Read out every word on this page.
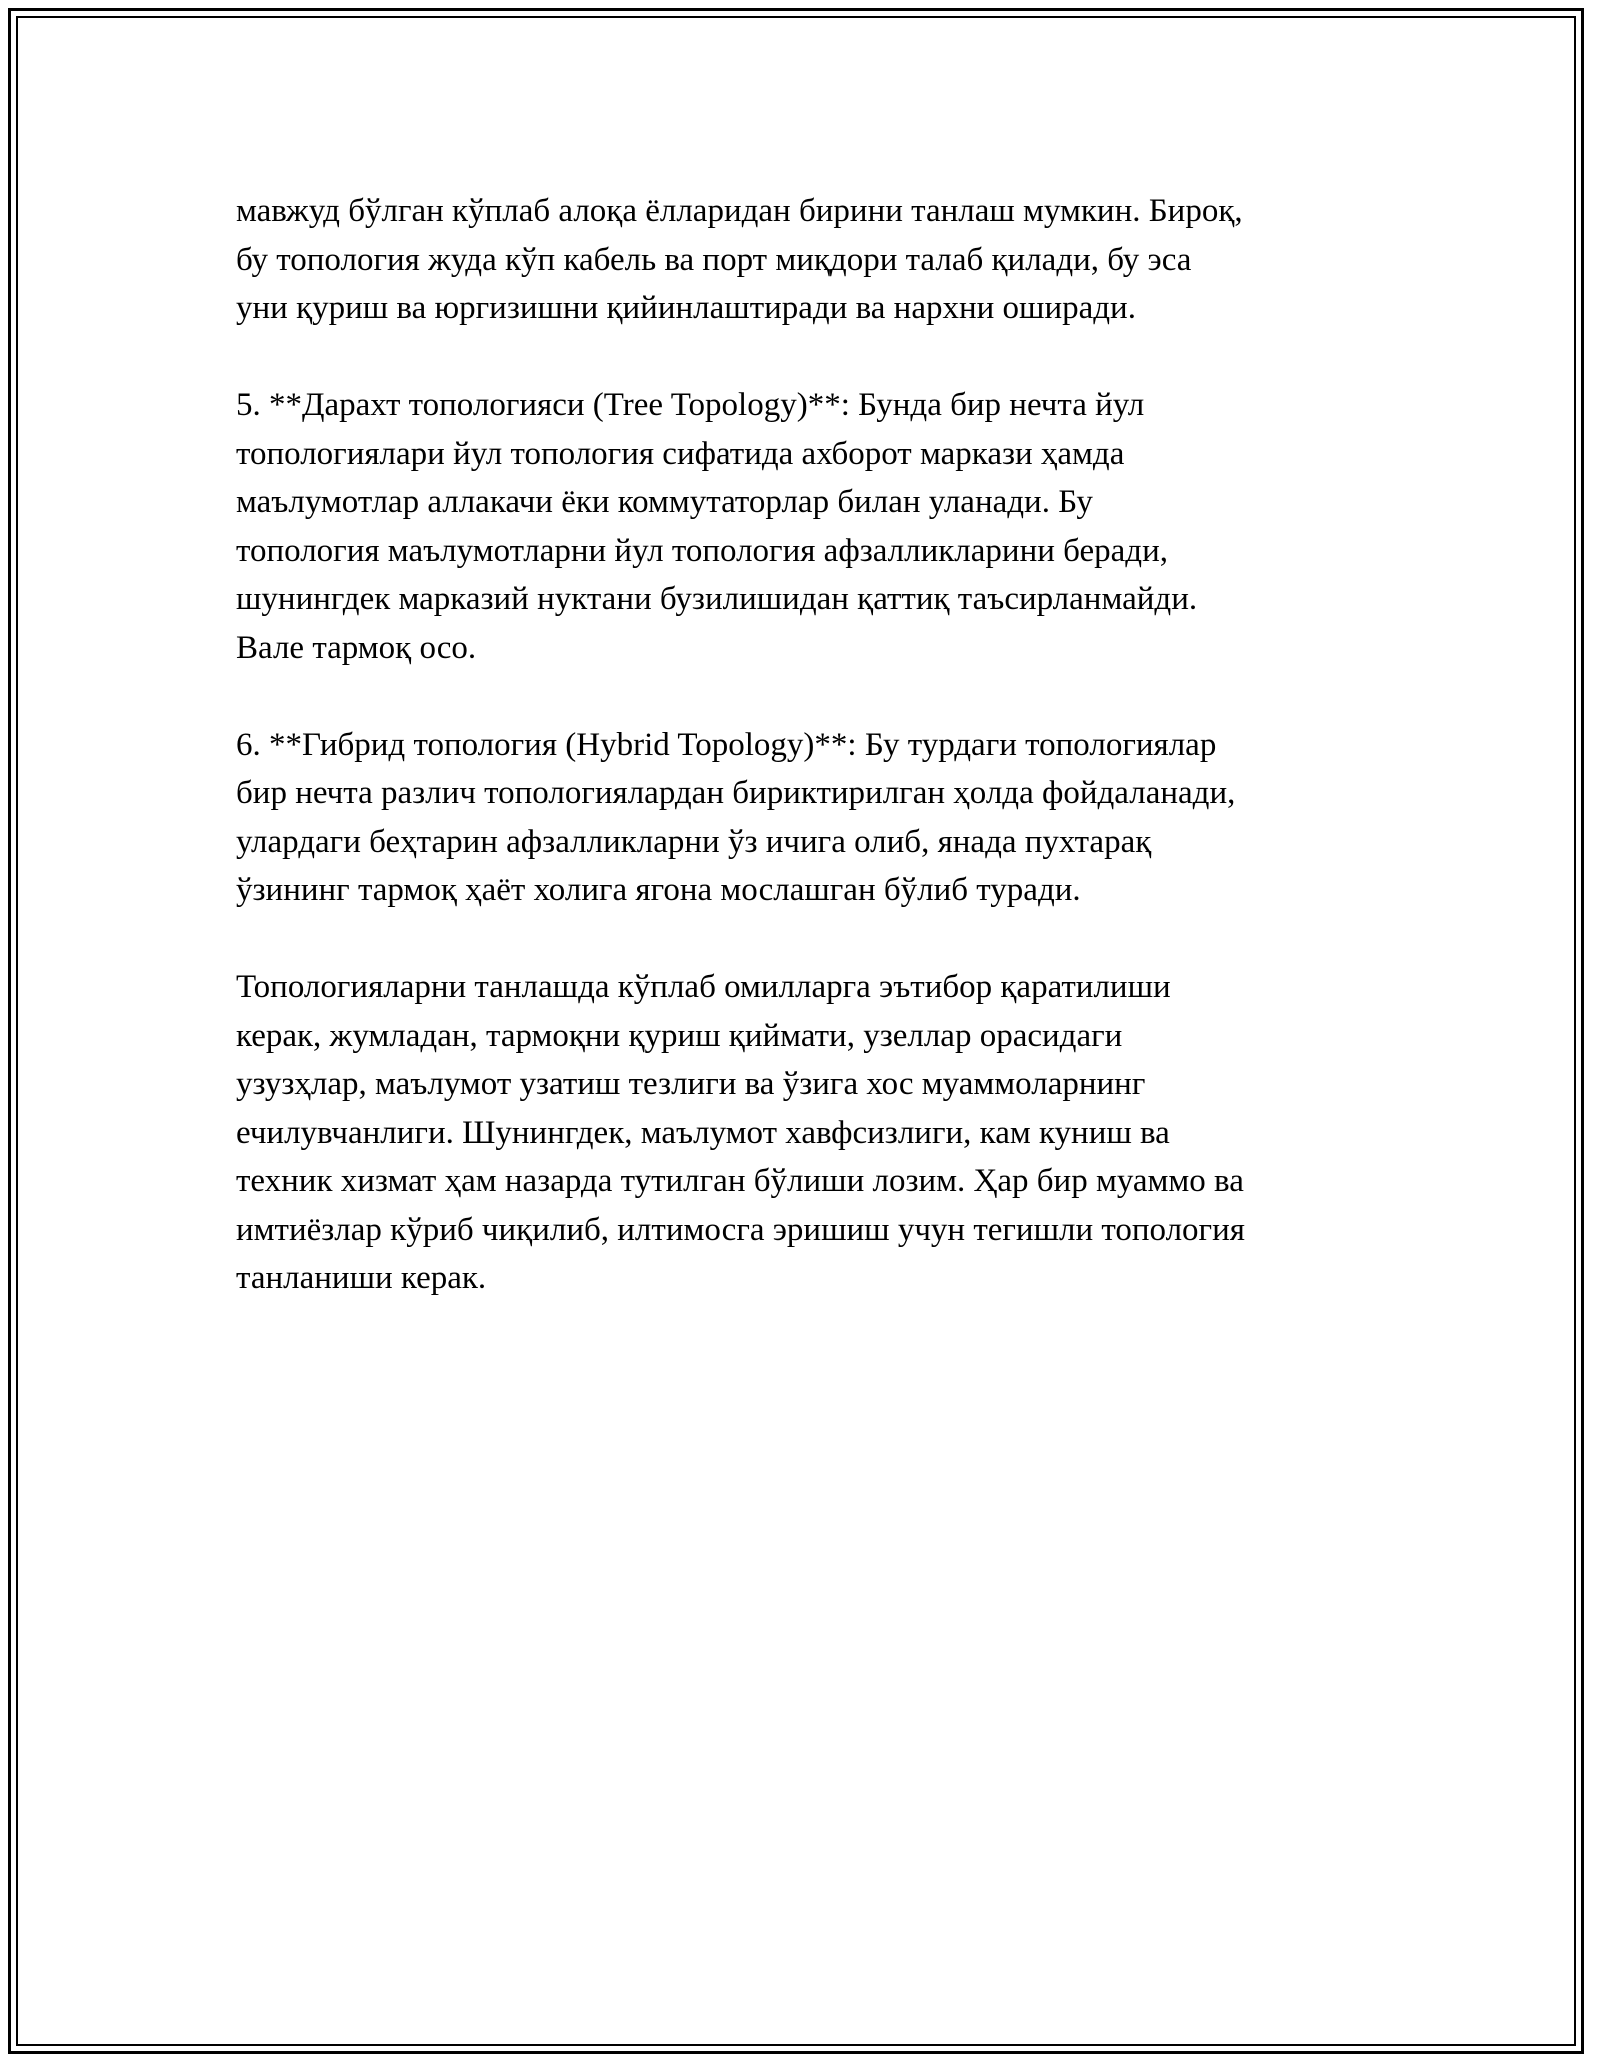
мавжуд бўлган кўплаб алоқа ёлларидан бирини танлаш мумкин. Бироқ,
бу топология жуда кўп кабель ва порт миқдори талаб қилади, бу эса
уни қуриш ва юргизишни қийинлаштиради ва нархни оширади.

5. **Дарахт топологияси (Tree Topology)**: Бунда бир нечта йул
топологиялари йул топология сифатида ахборот маркази ҳамда
маълумотлар аллакачи ёки коммутаторлар билан уланади. Бу
топология маълумотларни йул топология афзалликларини беради,
шунингдек марказий нуктани бузилишидан қаттиқ таъсирланмайди.
Вале тармоқ осо.

6. **Гибрид топология (Hybrid Topology)**: Бу турдаги топологиялар
бир нечта различ топологиялардан бириктирилган ҳолда фойдаланади,
улардаги беҳтарин афзалликларни ўз ичига олиб, янада пухтарақ
ўзининг тармоқ ҳаёт холига ягона мослашган бўлиб туради.

Топологияларни танлашда кўплаб омилларга эътибор қаратилиши
керак, жумладан, тармоқни қуриш қиймати, узеллар орасидаги
узузҳлар, маълумот узатиш тезлиги ва ўзига хос муаммоларнинг
ечилувчанлиги. Шунингдек, маълумот хавфсизлиги, кам куниш ва
техник хизмат ҳам назарда тутилган бўлиши лозим. Ҳар бир муаммо ва
имтиёзлар кўриб чиқилиб, илтимосга эришиш учун тегишли топология
танланиши керак.
